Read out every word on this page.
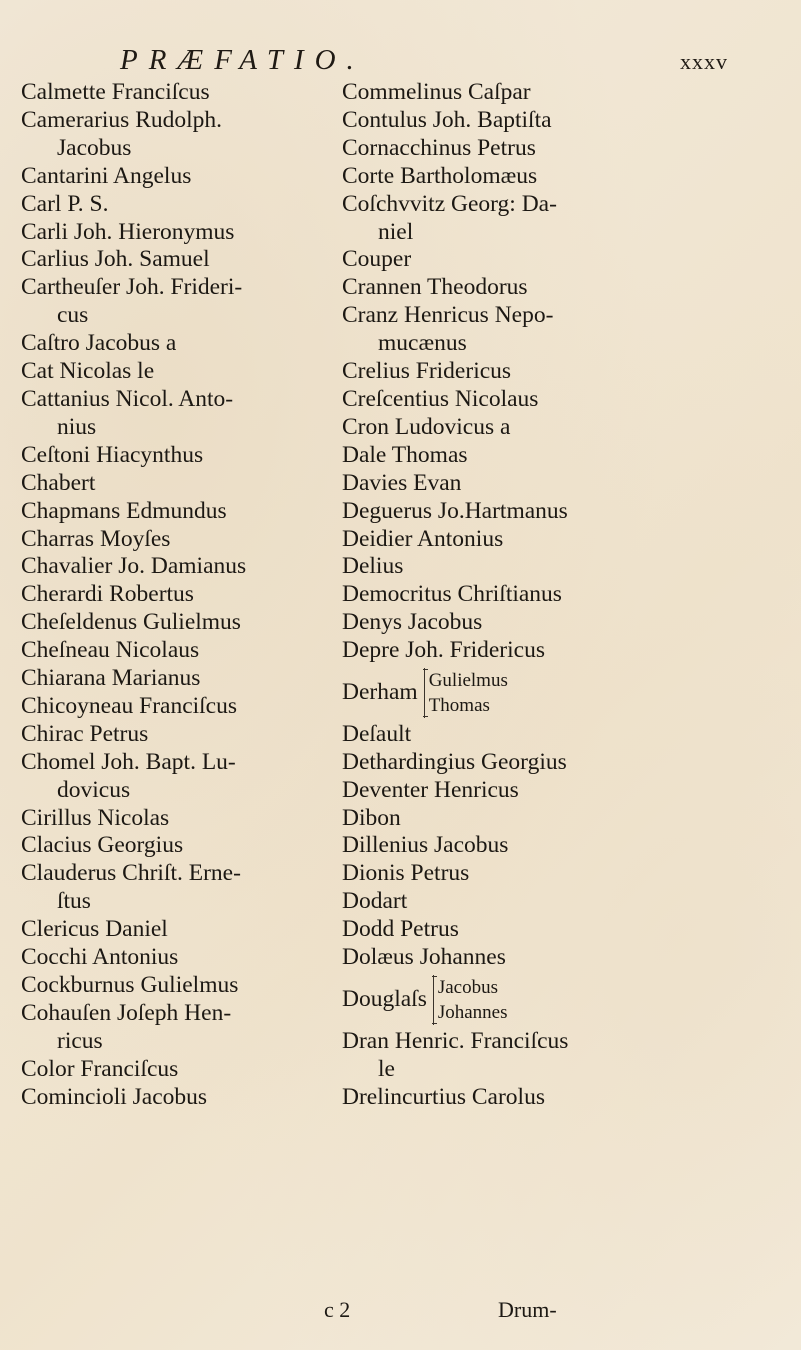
PRÆFATIO.	xxxv
Calmette Franciſcus
Camerarius Rudolph.
Jacobus
Cantarini Angelus
Carl P. S.
Carli Joh. Hieronymus
Carlius Joh. Samuel
Cartheuſer Joh. Frideri-
cus
Caſtro Jacobus a
Cat Nicolas le
Cattanius Nicol. Anto-
nius
Ceſtoni Hiacynthus
Chabert
Chapmans Edmundus
Charras Moyſes
Chavalier Jo. Damianus
Cherardi Robertus
Cheſeldenus Gulielmus
Cheſneau Nicolaus
Chiarana Marianus
Chicoyneau Franciſcus
Chirac Petrus
Chomel Joh. Bapt. Lu-
dovicus
Cirillus Nicolas
Clacius Georgius
Clauderus Chriſt. Erne-
ſtus
Clericus Daniel
Cocchi Antonius
Cockburnus Gulielmus
Cohauſen Joſeph Hen-
ricus
Color Franciſcus
Comincioli Jacobus
Commelinus Caſpar
Contulus Joh. Baptiſta
Cornacchinus Petrus
Corte Bartholomæus
Coſchvvitz Georg: Da-
niel
Couper
Crannen Theodorus
Cranz Henricus Nepo-
mucænus
Crelius Fridericus
Creſcentius Nicolaus
Cron Ludovicus a
Dale Thomas
Davies Evan
Deguerus Jo.Hartmanus
Deidier Antonius
Delius
Democritus Chriſtianus
Denys Jacobus
Depre Joh. Fridericus
Derham Gulielmus
Thomas
Deſault
Dethardingius Georgius
Deventer Henricus
Dibon
Dillenius Jacobus
Dionis Petrus
Dodart
Dodd Petrus
Dolæus Johannes
Douglaſs Jacobus
Johannes
Dran Henric. Franciſcus
le
Drelincurtius Carolus
c 2	Drum-
